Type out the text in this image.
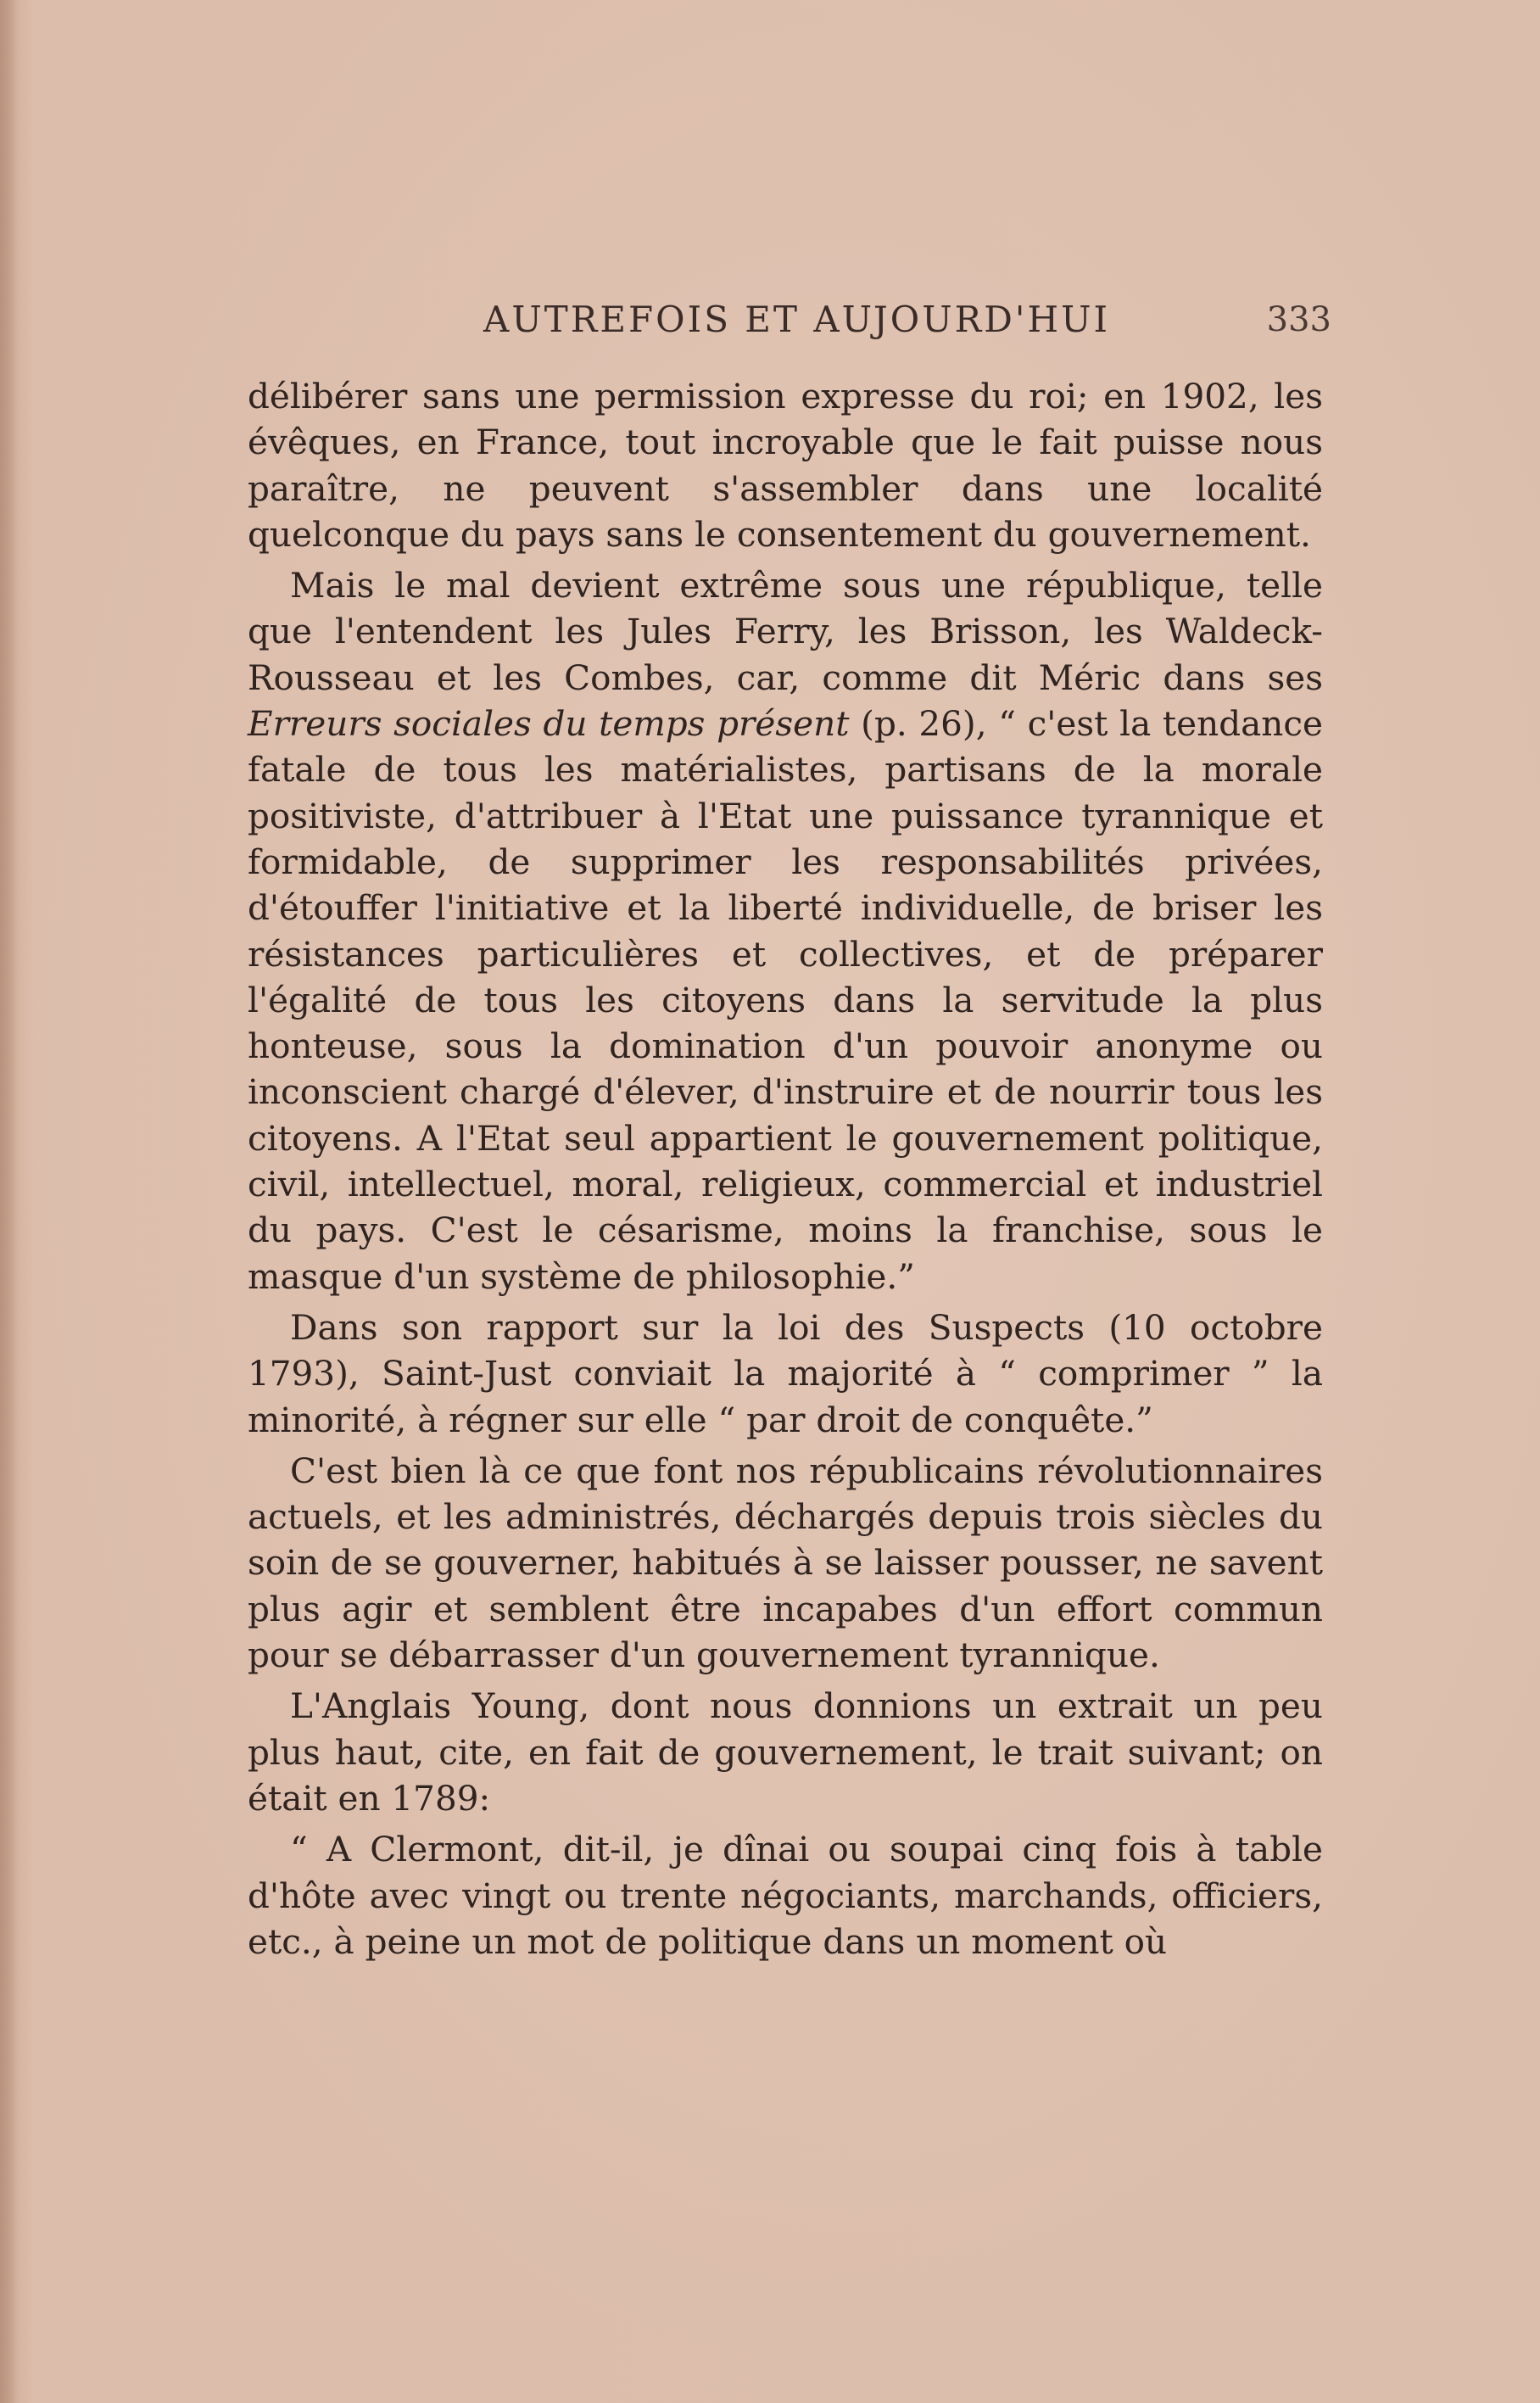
AUTREFOIS ET AUJOURD'HUI	333

délibérer sans une permission expresse du roi; en 1902, les évêques, en France, tout incroyable que le fait puisse nous paraître, ne peuvent s'assembler dans une localité quelconque du pays sans le consentement du gouvernement.

Mais le mal devient extrême sous une république, telle que l'entendent les Jules Ferry, les Brisson, les Waldeck-Rousseau et les Combes, car, comme dit Méric dans ses Erreurs sociales du temps présent (p. 26), “ c'est la tendance fatale de tous les matérialistes, partisans de la morale positiviste, d'attribuer à l'Etat une puissance tyrannique et formidable, de supprimer les responsabilités privées, d'étouffer l'initiative et la liberté individuelle, de briser les résistances particulières et collectives, et de préparer l'égalité de tous les citoyens dans la servitude la plus honteuse, sous la domination d'un pouvoir anonyme ou inconscient chargé d'élever, d'instruire et de nourrir tous les citoyens. A l'Etat seul appartient le gouvernement politique, civil, intellectuel, moral, religieux, commercial et industriel du pays. C'est le césarisme, moins la franchise, sous le masque d'un système de philosophie.”

Dans son rapport sur la loi des Suspects (10 octobre 1793), Saint-Just conviait la majorité à “ comprimer ” la minorité, à régner sur elle “ par droit de conquête.”

C'est bien là ce que font nos républicains révolutionnaires actuels, et les administrés, déchargés depuis trois siècles du soin de se gouverner, habitués à se laisser pousser, ne savent plus agir et semblent être incapabes d'un effort commun pour se débarrasser d'un gouvernement tyrannique.

L'Anglais Young, dont nous donnions un extrait un peu plus haut, cite, en fait de gouvernement, le trait suivant; on était en 1789:

“ A Clermont, dit-il, je dînai ou soupai cinq fois à table d'hôte avec vingt ou trente négociants, marchands, officiers, etc., à peine un mot de politique dans un moment où
